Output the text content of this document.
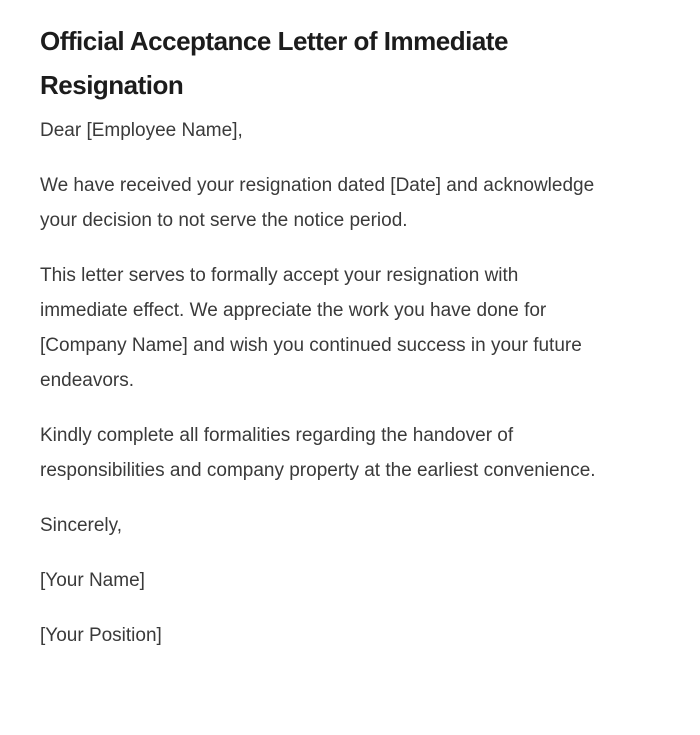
Official Acceptance Letter of Immediate Resignation

Dear [Employee Name],

We have received your resignation dated [Date] and acknowledge your decision to not serve the notice period.

This letter serves to formally accept your resignation with immediate effect. We appreciate the work you have done for [Company Name] and wish you continued success in your future endeavors.

Kindly complete all formalities regarding the handover of responsibilities and company property at the earliest convenience.

Sincerely,

[Your Name]

[Your Position]
